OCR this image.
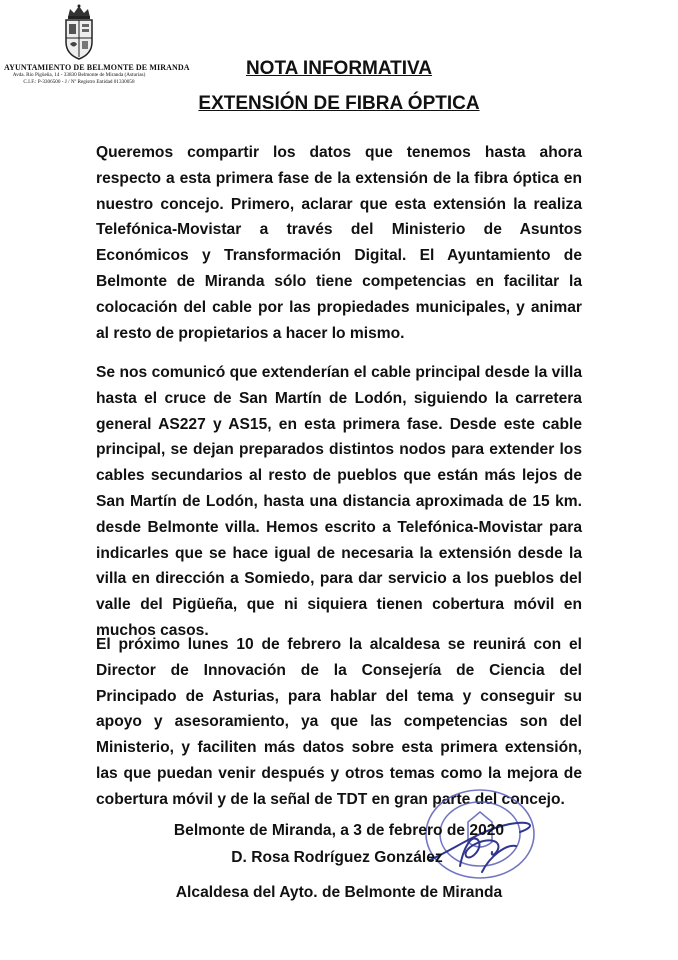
AYUNTAMIENTO DE BELMONTE DE MIRANDA
Avda. Río Pigüeña, 14 - 33830 Belmonte de Miranda (Asturias)
C.I.F.: P-3306500 - J / Nº Registro Entidad 01330058
NOTA INFORMATIVA
EXTENSIÓN DE FIBRA ÓPTICA

Queremos compartir los datos que tenemos hasta ahora respecto a esta primera fase de la extensión de la fibra óptica en nuestro concejo. Primero, aclarar que esta extensión la realiza Telefónica-Movistar a través del Ministerio de Asuntos Económicos y Transformación Digital. El Ayuntamiento de Belmonte de Miranda sólo tiene competencias en facilitar la colocación del cable por las propiedades municipales, y animar al resto de propietarios a hacer lo mismo.

Se nos comunicó que extenderían el cable principal desde la villa hasta el cruce de San Martín de Lodón, siguiendo la carretera general AS227 y AS15, en esta primera fase. Desde este cable principal, se dejan preparados distintos nodos para extender los cables secundarios al resto de pueblos que están más lejos de San Martín de Lodón, hasta una distancia aproximada de 15 km. desde Belmonte villa. Hemos escrito a Telefónica-Movistar para indicarles que se hace igual de necesaria la extensión desde la villa en dirección a Somiedo, para dar servicio a los pueblos del valle del Pigüeña, que ni siquiera tienen cobertura móvil en muchos casos.

El próximo lunes 10 de febrero la alcaldesa se reunirá con el Director de Innovación de la Consejería de Ciencia del Principado de Asturias, para hablar del tema y conseguir su apoyo y asesoramiento, ya que las competencias son del Ministerio, y faciliten más datos sobre esta primera extensión, las que puedan venir después y otros temas como la mejora de cobertura móvil y de la señal de TDT en gran parte del concejo.

Belmonte de Miranda, a 3 de febrero de 2020

D. Rosa Rodríguez González

Alcaldesa del Ayto. de Belmonte de Miranda
